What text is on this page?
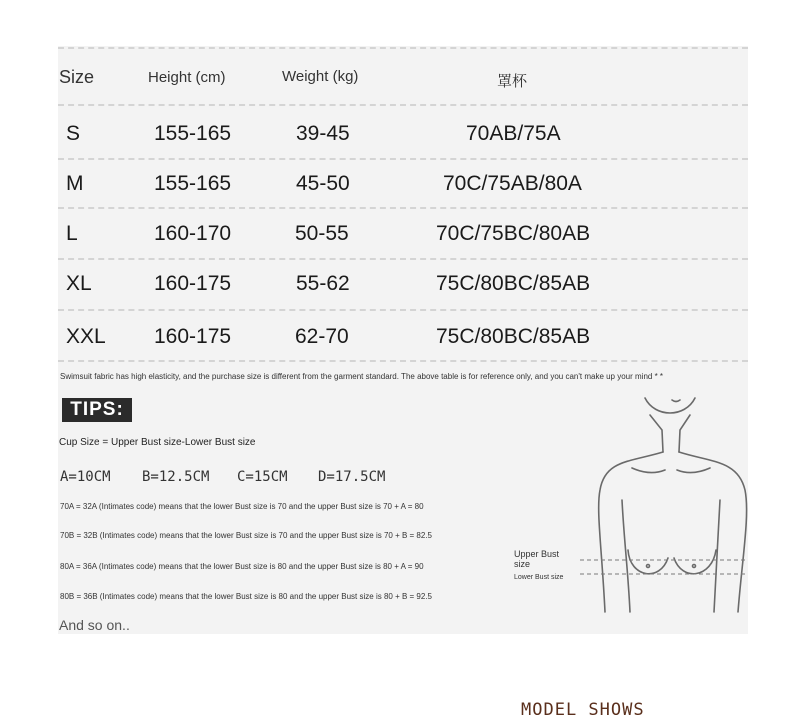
Size	Height (cm)	Weight (kg)	罩杯
S	155-165	39-45	70AB/75A
M	155-165	45-50	70C/75AB/80A
L	160-170	50-55	70C/75BC/80AB
XL	160-175	55-62	75C/80BC/85AB
XXL 160-175	62-70	75C/80BC/85AB
Swimsuit fabric has high elasticity, and the purchase size is different from the garment standard. The above table is for reference only, and you can't make up your mind * *
TIPS:
Cup Size = Upper Bust size-Lower Bust size
A=10CM B=12.5CM C=15CM D=17.5CM
70A = 32A (Intimates code) means that the lower Bust size is 70 and the upper Bust size is 70 + A = 80
70B = 32B (Intimates code) means that the lower Bust size is 70 and the upper Bust size is 70 + B = 82.5
80A = 36A (Intimates code) means that the lower Bust size is 80 and the upper Bust size is 80 + A = 90
80B = 36B (Intimates code) means that the lower Bust size is 80 and the upper Bust size is 80 + B = 92.5
And so on..
Upper Bust size
Lower Bust size
MODEL SHOWS
